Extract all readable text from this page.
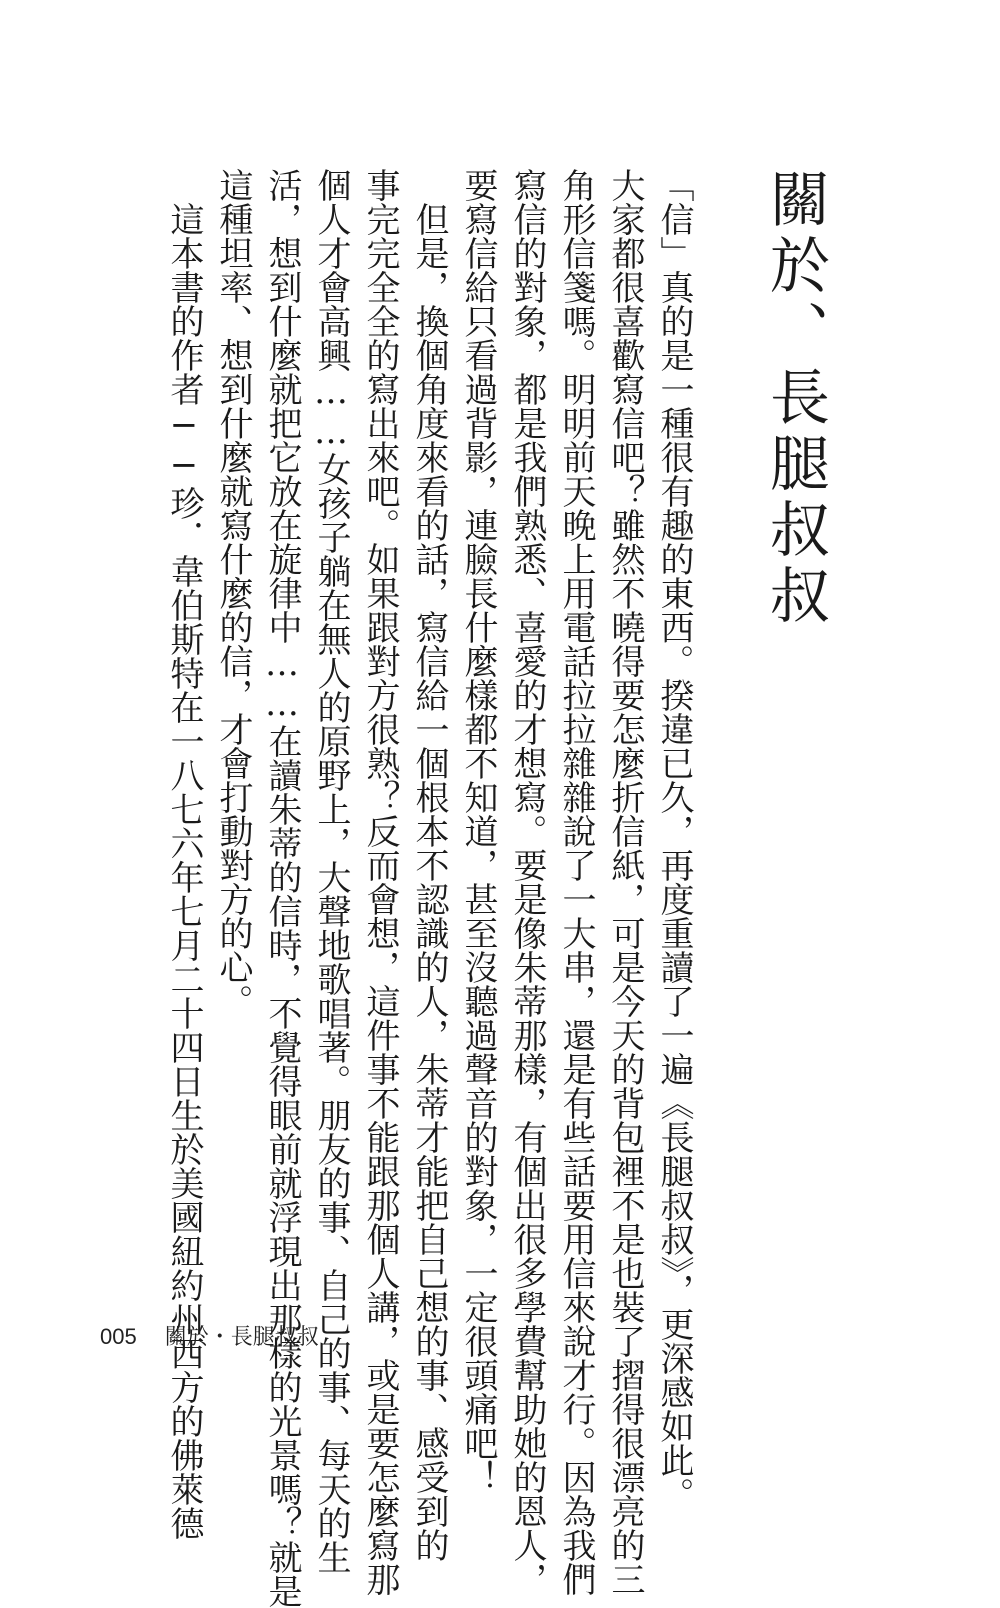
關於、長腿叔叔
「信」真的是一種很有趣的東西。揆違已久，再度重讀了一遍《長腿叔叔》，更深感如此。
大家都很喜歡寫信吧？雖然不曉得要怎麼折信紙，可是今天的背包裡不是也裝了摺得很漂亮的三
角形信箋嗎。明明前天晚上用電話拉拉雜雜說了一大串，還是有些話要用信來說才行。因為我們
寫信的對象，都是我們熟悉、喜愛的才想寫。要是像朱蒂那樣，有個出很多學費幫助她的恩人，
要寫信給只看過背影，連臉長什麼樣都不知道，甚至沒聽過聲音的對象，一定很頭痛吧！
　但是，換個角度來看的話，寫信給一個根本不認識的人，朱蒂才能把自己想的事、感受到的
事完完全全的寫出來吧。如果跟對方很熟？反而會想，這件事不能跟那個人講，或是要怎麼寫那
個人才會高興……女孩子躺在無人的原野上，大聲地歌唱著。朋友的事、自己的事、每天的生
活，想到什麼就把它放在旋律中……在讀朱蒂的信時，不覺得眼前就浮現出那樣的光景嗎？就是
這種坦率、想到什麼就寫什麼的信，才會打動對方的心。
　這本書的作者──珍．韋伯斯特在一八七六年七月二十四日生於美國紐約州西方的佛萊德
005 關於・長腿叔叔
